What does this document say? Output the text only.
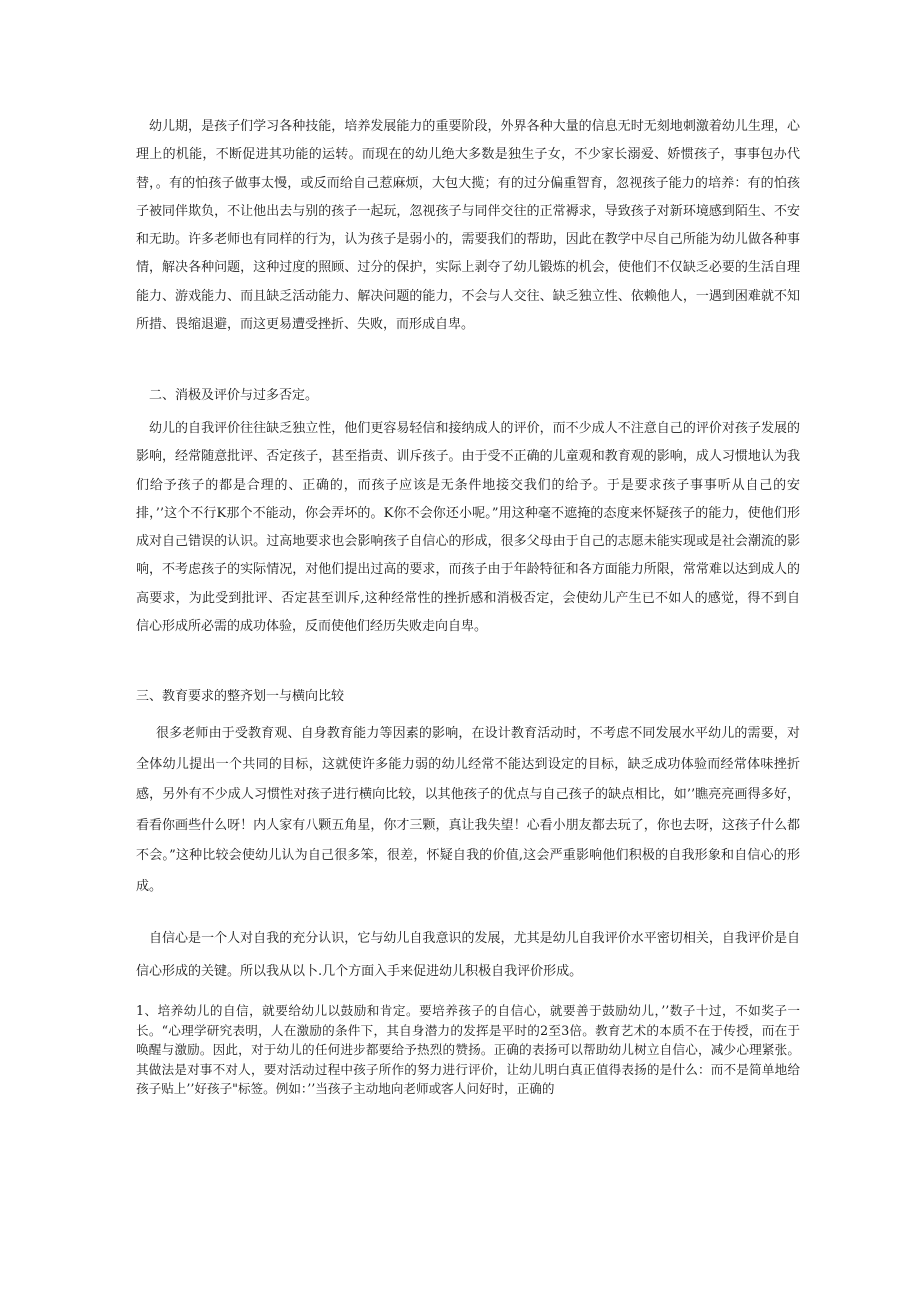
幼儿期，是孩子们学习各种技能，培养发展能力的重要阶段，外界各种大量的信息无时无刻地刺激着幼儿生理，心理上的机能，不断促进其功能的运转。而现在的幼儿绝大多数是独生子女，不少家长溺爱、娇惯孩子，事事包办代替，。有的怕孩子做事太慢，或反而给自己惹麻烦，大包大揽；有的过分偏重智育，忽视孩子能力的培养：有的怕孩子被同伴欺负，不让他出去与别的孩子一起玩，忽视孩子与同伴交往的正常褥求，导致孩子对新环境感到陌生、不安和无助。许多老师也有同样的行为，认为孩子是弱小的，需要我们的帮助，因此在教学中尽自己所能为幼儿做各种事情，解决各种问题，这种过度的照顾、过分的保护，实际上剥夺了幼儿锻炼的机会，使他们不仅缺乏必要的生活自理能力、游戏能力、而且缺乏活动能力、解决问题的能力，不会与人交往、缺乏独立性、依赖他人，一遇到困难就不知所措、畏缩退避，而这更易遭受挫折、失败，而形成自卑。

二、消极及评价与过多否定。

幼儿的自我评价往往缺乏独立性，他们更容易轻信和接纳成人的评价，而不少成人不注意自己的评价对孩子发展的影响，经常随意批评、否定孩子，甚至指责、训斥孩子。由于受不正确的儿童观和教育观的影响，成人习惯地认为我们给予孩子的都是合理的、正确的，而孩子应该是无条件地接交我们的给予。于是要求孩子事事听从自己的安排，’’这个不行K那个不能动，你会弄坏的。K你不会你还小呢。”用这种毫不遮掩的态度来怀疑孩子的能力，使他们形成对自己错误的认识。过高地要求也会影响孩子自信心的形成，很多父母由于自己的志愿未能实现或是社会潮流的影响，不考虑孩子的实际情况，对他们提出过高的要求，而孩子由于年龄特征和各方面能力所限，常常难以达到成人的高要求，为此受到批评、否定甚至训斥,这种经常性的挫折感和消极否定，会使幼儿产生已不如人的感觉，得不到自信心形成所必需的成功体验，反而使他们经历失败走向自卑。

三、教育要求的整齐划一与横向比较

很多老师由于受教育观、自身教育能力等因素的影响，在设计教育活动时，不考虑不同发展水平幼儿的需要，对全体幼儿提出一个共同的目标，这就使许多能力弱的幼儿经常不能达到设定的目标，缺乏成功体验而经常体味挫折感，另外有不少成人习惯性对孩子进行横向比较，以其他孩子的优点与自己孩子的缺点相比，如’’瞧亮亮画得多好，看看你画些什么呀！内人家有八颗五角星，你才三颗，真让我失望！心看小朋友都去玩了，你也去呀，这孩子什么都不会。”这种比较会使幼儿认为自己很多笨，很差，怀疑自我的价值,这会严重影响他们积极的自我形象和自信心的形成。

自信心是一个人对自我的充分认识，它与幼儿自我意识的发展，尤其是幼儿自我评价水平密切相关，自我评价是自信心形成的关键。所以我从以卜.几个方面入手来促进幼儿积极自我评价形成。

1、培养幼儿的自信，就要给幼儿以鼓励和肯定。要培养孩子的自信心，就要善于鼓励幼儿，’’数子十过，不如奖子一长。“心理学研究表明，人在激励的条件下，其自身潜力的发挥是平时的2至3倍。教育艺术的本质不在于传授，而在于唤醒与激励。因此，对于幼儿的任何进步都要给予热烈的赞扬。正确的表扬可以帮助幼儿树立自信心，减少心理紧张。其做法是对事不对人，要对活动过程中孩子所作的努力进行评价，让幼儿明白真正值得表扬的是什么：而不是简单地给孩子贴上’’好孩子"标签。例如：’’当孩子主动地向老师或客人问好时，正确的
